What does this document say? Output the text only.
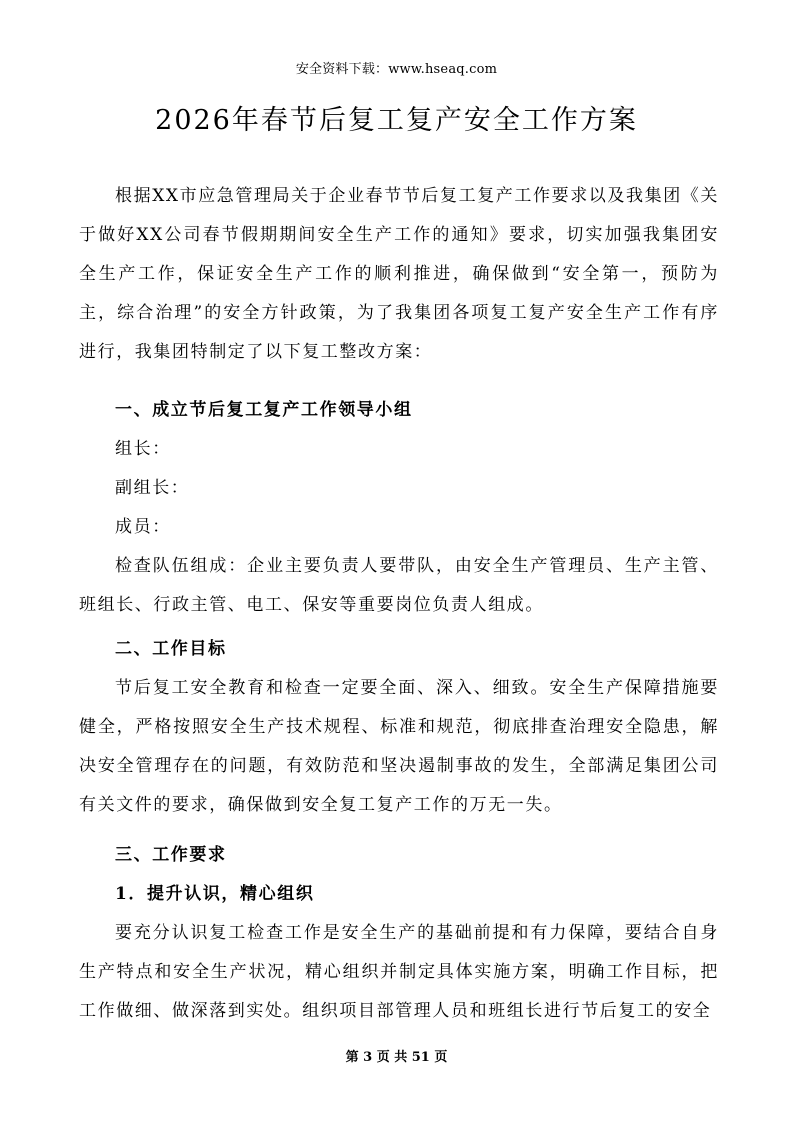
安全资料下载：www.hseaq.com
2026年春节后复工复产安全工作方案

根据XX市应急管理局关于企业春节节后复工复产工作要求以及我集团《关于做好XX公司春节假期期间安全生产工作的通知》要求，切实加强我集团安全生产工作，保证安全生产工作的顺利推进，确保做到“安全第一，预防为主，综合治理”的安全方针政策，为了我集团各项复工复产安全生产工作有序进行，我集团特制定了以下复工整改方案：

一、成立节后复工复产工作领导小组

组长：

副组长：

成员：

检查队伍组成：企业主要负责人要带队，由安全生产管理员、生产主管、班组长、行政主管、电工、保安等重要岗位负责人组成。

二、工作目标

节后复工安全教育和检查一定要全面、深入、细致。安全生产保障措施要健全，严格按照安全生产技术规程、标准和规范，彻底排查治理安全隐患，解决安全管理存在的问题，有效防范和坚决遏制事故的发生，全部满足集团公司有关文件的要求，确保做到安全复工复产工作的万无一失。

三、工作要求

1．提升认识，精心组织

要充分认识复工检查工作是安全生产的基础前提和有力保障，要结合自身生产特点和安全生产状况，精心组织并制定具体实施方案，明确工作目标，把工作做细、做深落到实处。组织项目部管理人员和班组长进行节后复工的安全

第 3 页 共 51 页
